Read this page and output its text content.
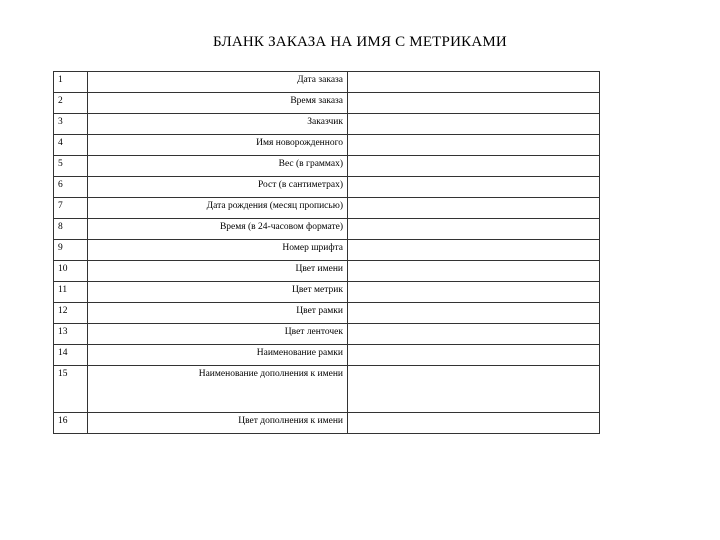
БЛАНК ЗАКАЗА НА ИМЯ С МЕТРИКАМИ
1	Дата заказа	
2	Время заказа	
3	Заказчик	
4	Имя новорожденного	
5	Вес (в граммах)	
6	Рост (в сантиметрах)	
7	Дата рождения (месяц прописью)	
8	Время (в 24-часовом формате)	
9	Номер шрифта	
10	Цвет имени	
11	Цвет метрик	
12	Цвет рамки	
13	Цвет ленточек	
14	Наименование рамки	
15	Наименование дополнения к имени	
16	Цвет дополнения к имени	
